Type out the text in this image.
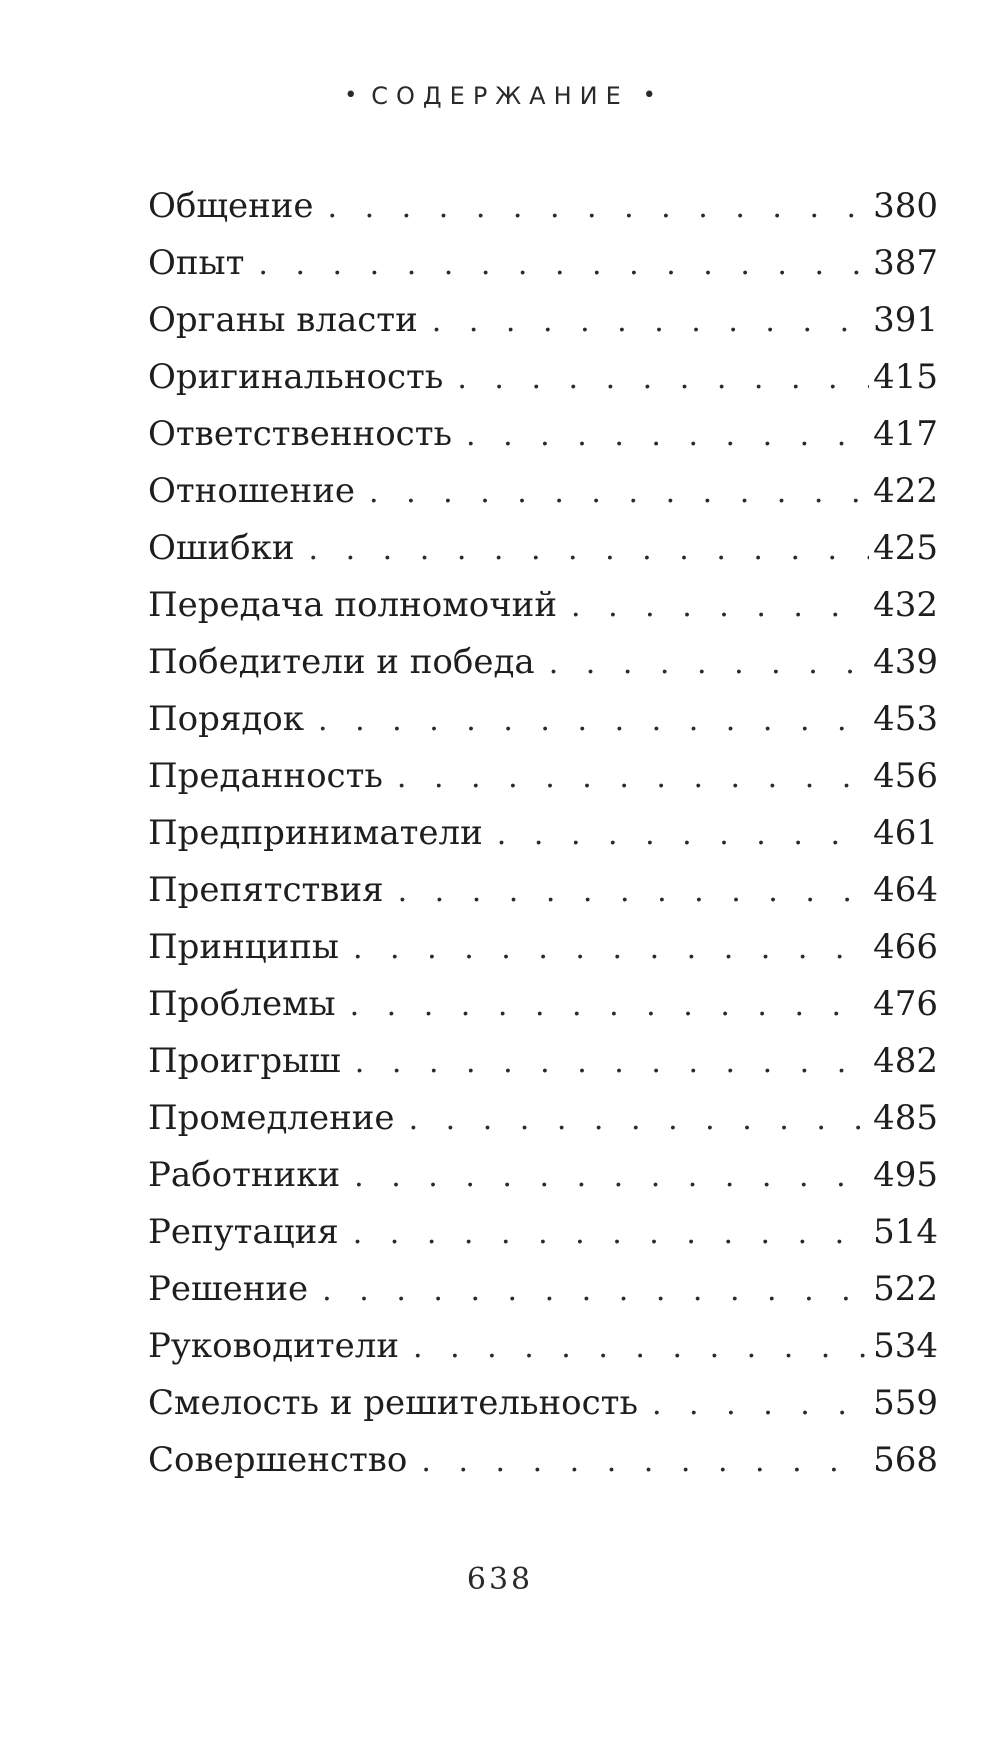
• СОДЕРЖАНИЕ •
Общение . . .	380
Опыт . . .	387
Органы власти . . .	391
Оригинальность . . .	415
Ответственность . . .	417
Отношение . . .	422
Ошибки . . .	425
Передача полномочий . . .	432
Победители и победа . . .	439
Порядок . . .	453
Преданность . . .	456
Предприниматели . . .	461
Препятствия . . .	464
Принципы . . .	466
Проблемы . . .	476
Проигрыш . . .	482
Промедление . . .	485
Работники . . .	495
Репутация . . .	514
Решение . . .	522
Руководители . . .	534
Смелость и решительность . . .	559
Совершенство . . .	568
638
